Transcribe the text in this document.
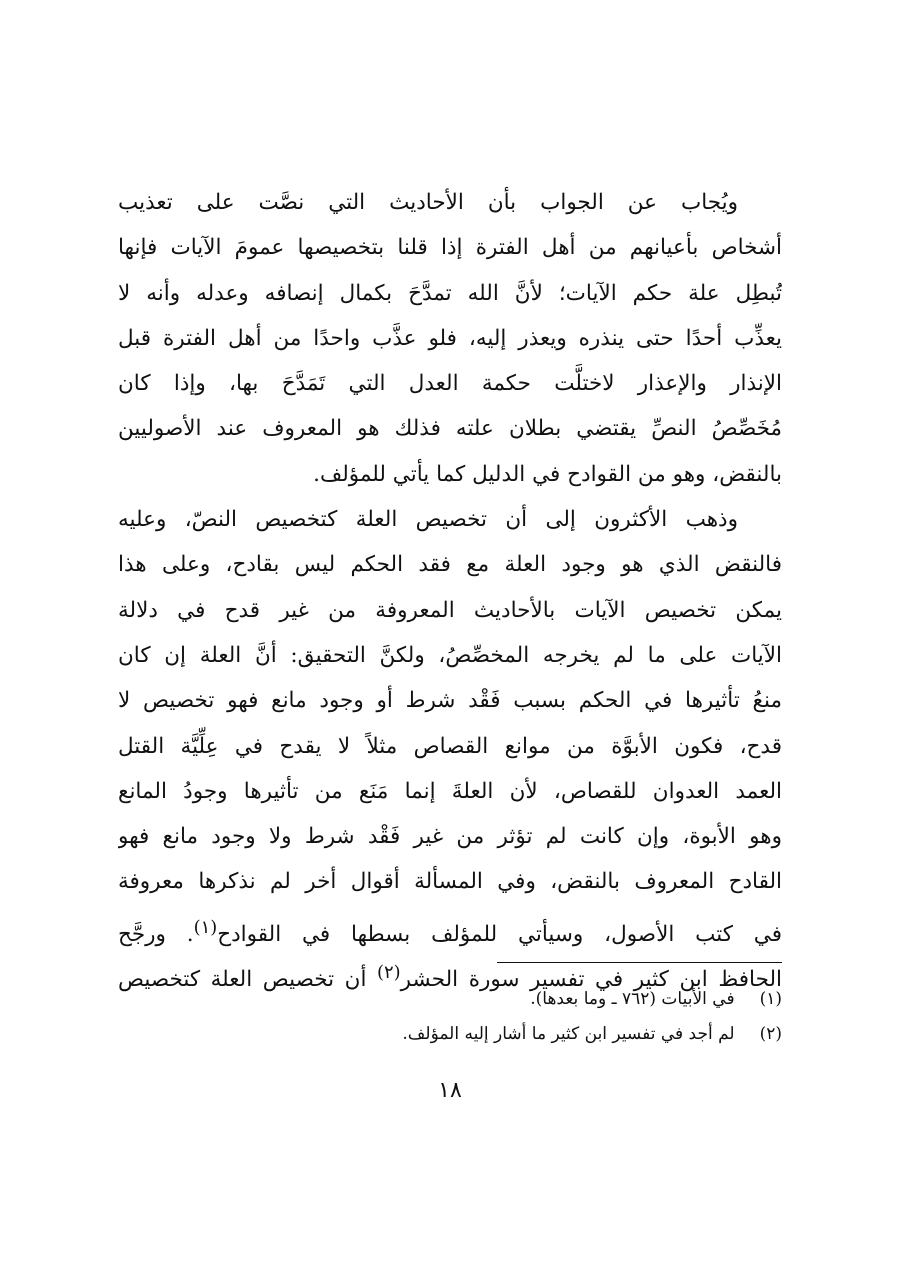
ويُجاب عن الجواب بأن الأحاديث التي نصَّت على تعذيب
أشخاص بأعيانهم من أهل الفترة إذا قلنا بتخصيصها عمومَ الآيات فإنها
تُبطِل علة حكم الآيات؛ لأنَّ الله تمدَّحَ بكمال إنصافه وعدله وأنه لا
يعذِّب أحدًا حتى ينذره ويعذر إليه، فلو عذَّب واحدًا من أهل الفترة قبل
الإنذار والإعذار لاختلَّت حكمة العدل التي تَمَدَّحَ بها، وإذا كان
مُخَصِّصُ النصِّ يقتضي بطلان علته فذلك هو المعروف عند الأصوليين
بالنقض، وهو من القوادح في الدليل كما يأتي للمؤلف.
وذهب الأكثرون إلى أن تخصيص العلة كتخصيص النصّ، وعليه
فالنقض الذي هو وجود العلة مع فقد الحكم ليس بقادح، وعلى هذا
يمكن تخصيص الآيات بالأحاديث المعروفة من غير قدح في دلالة
الآيات على ما لم يخرجه المخصِّصُ، ولكنَّ التحقيق: أنَّ العلة إن كان
منعُ تأثيرها في الحكم بسبب فَقْد شرط أو وجود مانع فهو تخصيص لا
قدح، فكون الأبوَّة من موانع القصاص مثلاً لا يقدح في عِلِّيَّة القتل
العمد العدوان للقصاص، لأن العلةَ إنما مَنَع من تأثيرها وجودُ المانع
وهو الأبوة، وإن كانت لم تؤثر من غير فَقْد شرط ولا وجود مانع فهو
القادح المعروف بالنقض، وفي المسألة أقوال أخر لم نذكرها معروفة
في كتب الأصول، وسيأتي للمؤلف بسطها في القوادح$^{(١)}$. ورجَّح
الحافظ ابن كثير في تفسير سورة الحشر$^{(٢)}$ أن تخصيص العلة كتخصيص
(١) في الأبيات (٧٦٢ ـ وما بعدها).
(٢) لم أجد في تفسير ابن كثير ما أشار إليه المؤلف.
١٨
